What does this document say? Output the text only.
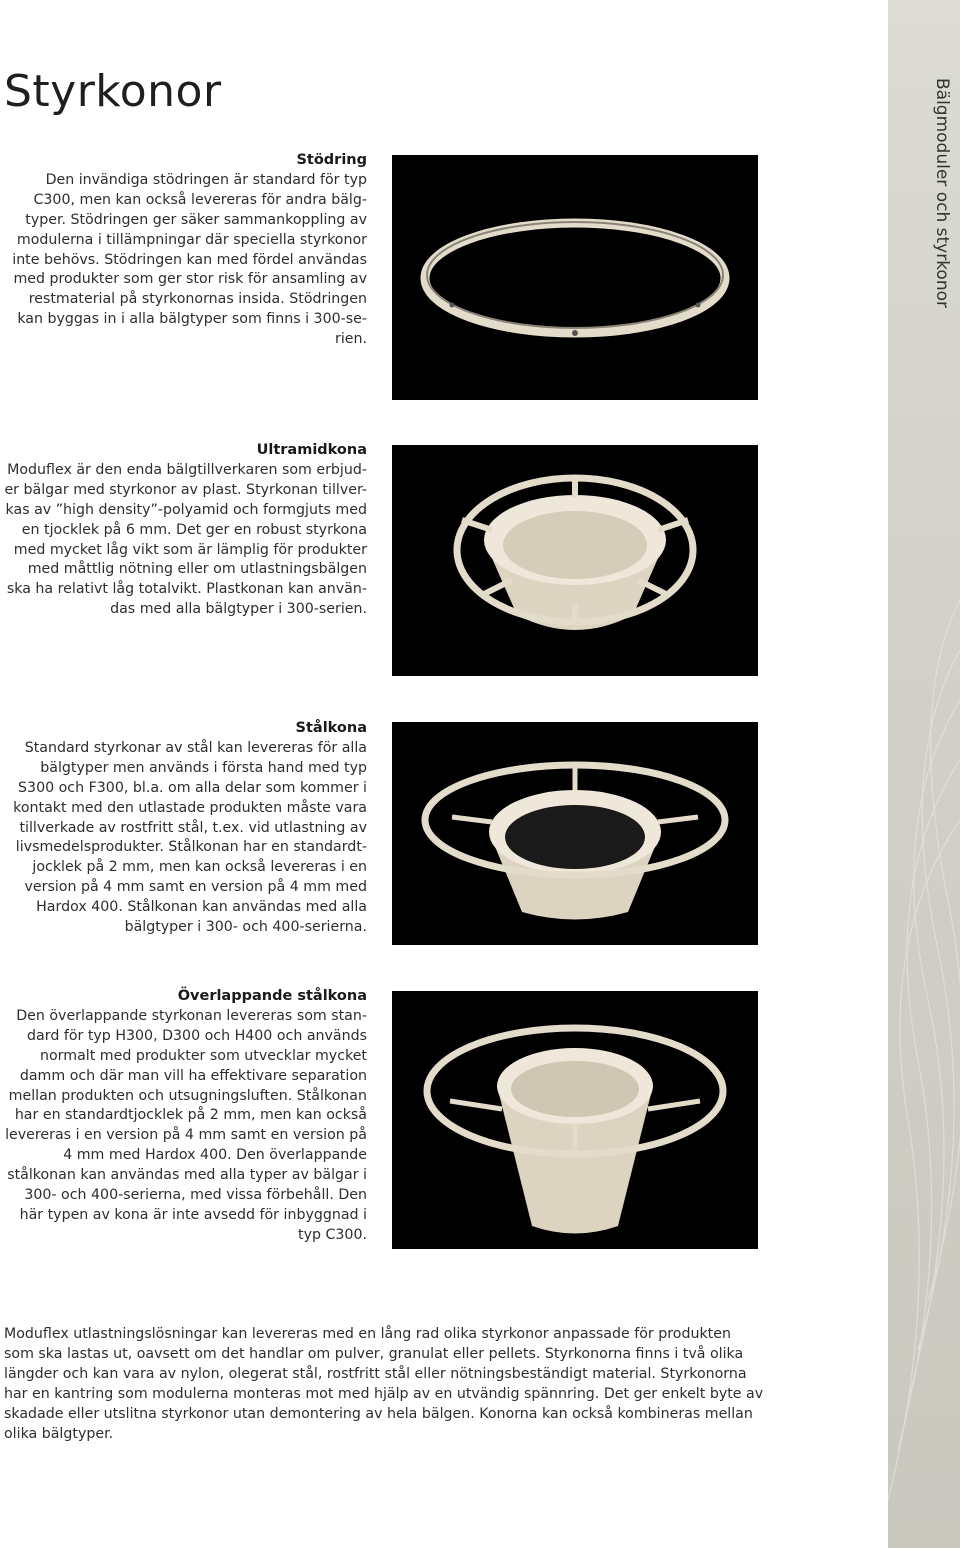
Styrkonor	Bälgmoduler och styrkonor
Stödring
Den invändiga stödringen är standard för typ C300, men kan också levereras för andra bälg-typer. Stödringen ger säker sammankoppling av modulerna i tillämpningar där speciella styrkonor inte behövs. Stödringen kan med fördel användas med produkter som ger stor risk för ansamling av restmaterial på styrkonornas insida. Stödringen kan byggas in i alla bälgtyper som finns i 300-se-rien.
Ultramidkona
Moduflex är den enda bälgtillverkaren som erbjud-er bälgar med styrkonor av plast. Styrkonan tillver-kas av ”high density”-polyamid och formgjuts med en tjocklek på 6 mm. Det ger en robust styrkona med mycket låg vikt som är lämplig för produkter med måttlig nötning eller om utlastningsbälgen ska ha relativt låg totalvikt. Plastkonan kan använ-das med alla bälgtyper i 300-serien.
Stålkona
Standard styrkonar av stål kan levereras för alla bälgtyper men används i första hand med typ S300 och F300, bl.a. om alla delar som kommer i kontakt med den utlastade produkten måste vara tillverkade av rostfritt stål, t.ex. vid utlastning av livsmedelsprodukter. Stålkonan har en standardt-jocklek på 2 mm, men kan också levereras i en version på 4 mm samt en version på 4 mm med Hardox 400. Stålkonan kan användas med alla bälgtyper i 300- och 400-serierna.
Överlappande stålkona
Den överlappande styrkonan levereras som stan-dard för typ H300, D300 och H400 och används normalt med produkter som utvecklar mycket damm och där man vill ha effektivare separation mellan produkten och utsugningsluften. Stålkonan har en standardtjocklek på 2 mm, men kan också levereras i en version på 4 mm samt en version på 4 mm med Hardox 400. Den överlappande stålkonan kan användas med alla typer av bälgar i 300- och 400-serierna, med vissa förbehåll. Den här typen av kona är inte avsedd för inbyggnad i typ C300.
Moduflex utlastningslösningar kan levereras med en lång rad olika styrkonor anpassade för produkten som ska lastas ut, oavsett om det handlar om pulver, granulat eller pellets. Styrkonorna finns i två olika längder och kan vara av nylon, olegerat stål, rostfritt stål eller nötningsbeständigt material. Styrkonorna har en kantring som modulerna monteras mot med hjälp av en utvändig spännring. Det ger enkelt byte av skadade eller utslitna styrkonor utan demontering av hela bälgen. Konorna kan också kombineras mellan olika bälgtyper.
